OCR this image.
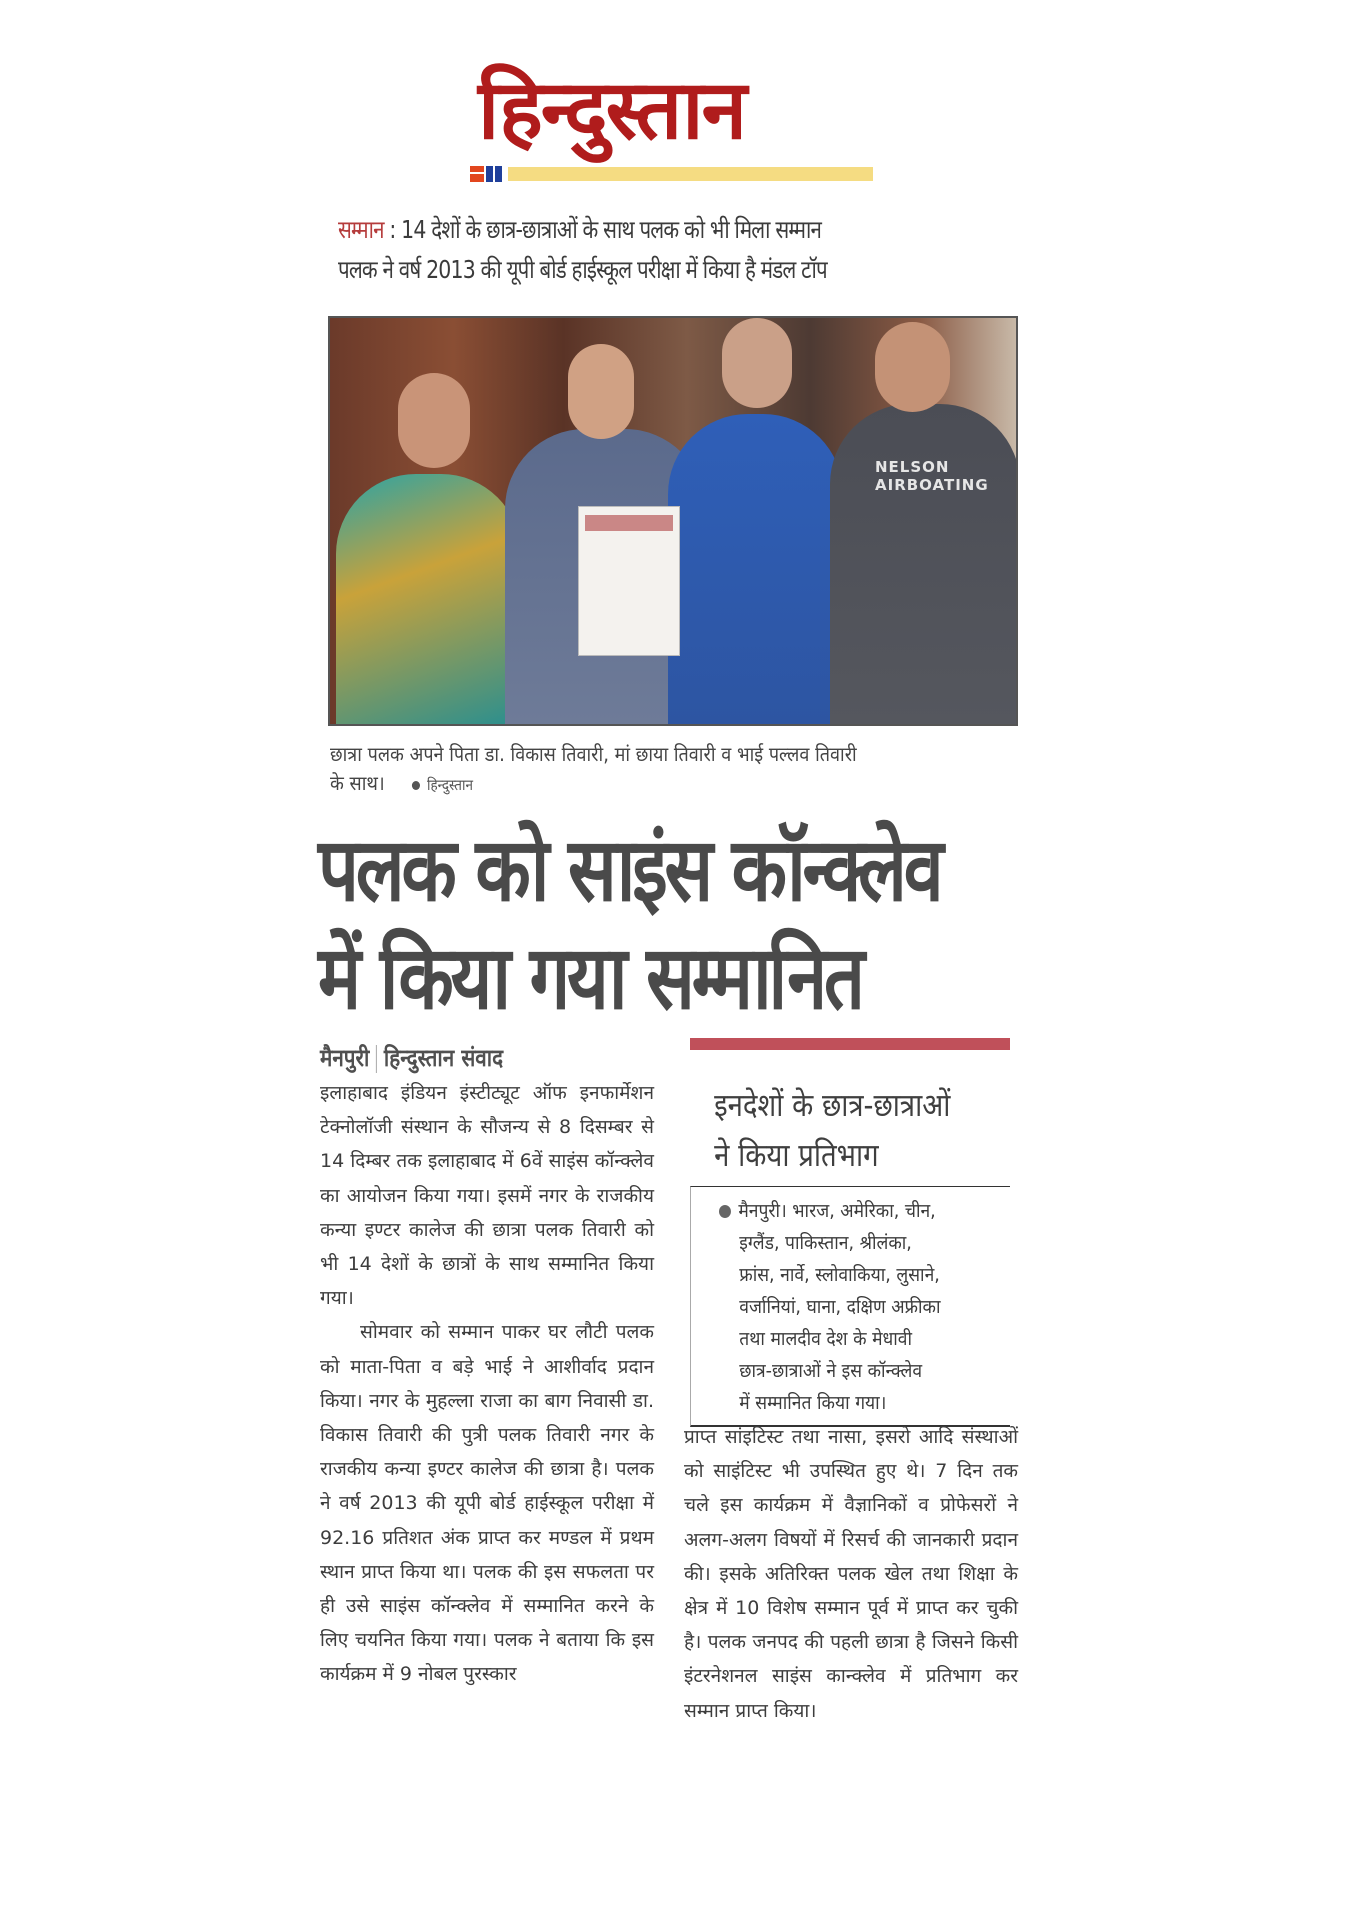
हिन्दुस्तान
सम्मान : 14 देशों के छात्र-छात्राओं के साथ पलक को भी मिला सम्मान
पलक ने वर्ष 2013 की यूपी बोर्ड हाईस्कूल परीक्षा में किया है मंडल टॉप
NELSON AIRBOATING
छात्रा पलक अपने पिता डा. विकास तिवारी, मां छाया तिवारी व भाई पल्लव तिवारी
के साथ।	हिन्दुस्तान
पलक को साइंस कॉन्क्लेव
में किया गया सम्मानित
मैनपुरी हिन्दुस्तान संवाद

इलाहाबाद इंडियन इंस्टीट्यूट ऑफ इनफार्मेशन टेक्नोलॉजी संस्थान के सौजन्य से 8 दिसम्बर से 14 दिम्बर तक इलाहाबाद में 6वें साइंस कॉन्क्लेव का आयोजन किया गया। इसमें नगर के राजकीय कन्या इण्टर कालेज की छात्रा पलक तिवारी को भी 14 देशों के छात्रों के साथ सम्मानित किया गया।

सोमवार को सम्मान पाकर घर लौटी पलक को माता-पिता व बड़े भाई ने आशीर्वाद प्रदान किया। नगर के मुहल्ला राजा का बाग निवासी डा. विकास तिवारी की पुत्री पलक तिवारी नगर के राजकीय कन्या इण्टर कालेज की छात्रा है। पलक ने वर्ष 2013 की यूपी बोर्ड हाईस्कूल परीक्षा में 92.16 प्रतिशत अंक प्राप्त कर मण्डल में प्रथम स्थान प्राप्त किया था। पलक की इस सफलता पर ही उसे साइंस कॉन्क्लेव में सम्मानित करने के लिए चयनित किया गया। पलक ने बताया कि इस कार्यक्रम में 9 नोबल पुरस्कार

इनदेशों के छात्र-छात्राओं
ने किया प्रतिभाग
मैनपुरी। भारज, अमेरिका, चीन,
इग्लैंड, पाकिस्तान, श्रीलंका,
फ्रांस, नार्वे, स्लोवाकिया, लुसाने,
वर्जानियां, घाना, दक्षिण अफ्रीका
तथा मालदीव देश के मेधावी
छात्र-छात्राओं ने इस कॉन्क्लेव
में सम्मानित किया गया।

प्राप्त सांइटिस्ट तथा नासा, इसरो आदि संस्थाओं को साइंटिस्ट भी उपस्थित हुए थे। 7 दिन तक चले इस कार्यक्रम में वैज्ञानिकों व प्रोफेसरों ने अलग-अलग विषयों में रिसर्च की जानकारी प्रदान की। इसके अतिरिक्त पलक खेल तथा शिक्षा के क्षेत्र में 10 विशेष सम्मान पूर्व में प्राप्त कर चुकी है। पलक जनपद की पहली छात्रा है जिसने किसी इंटरनेशनल साइंस कान्क्लेव में प्रतिभाग कर सम्मान प्राप्त किया।
